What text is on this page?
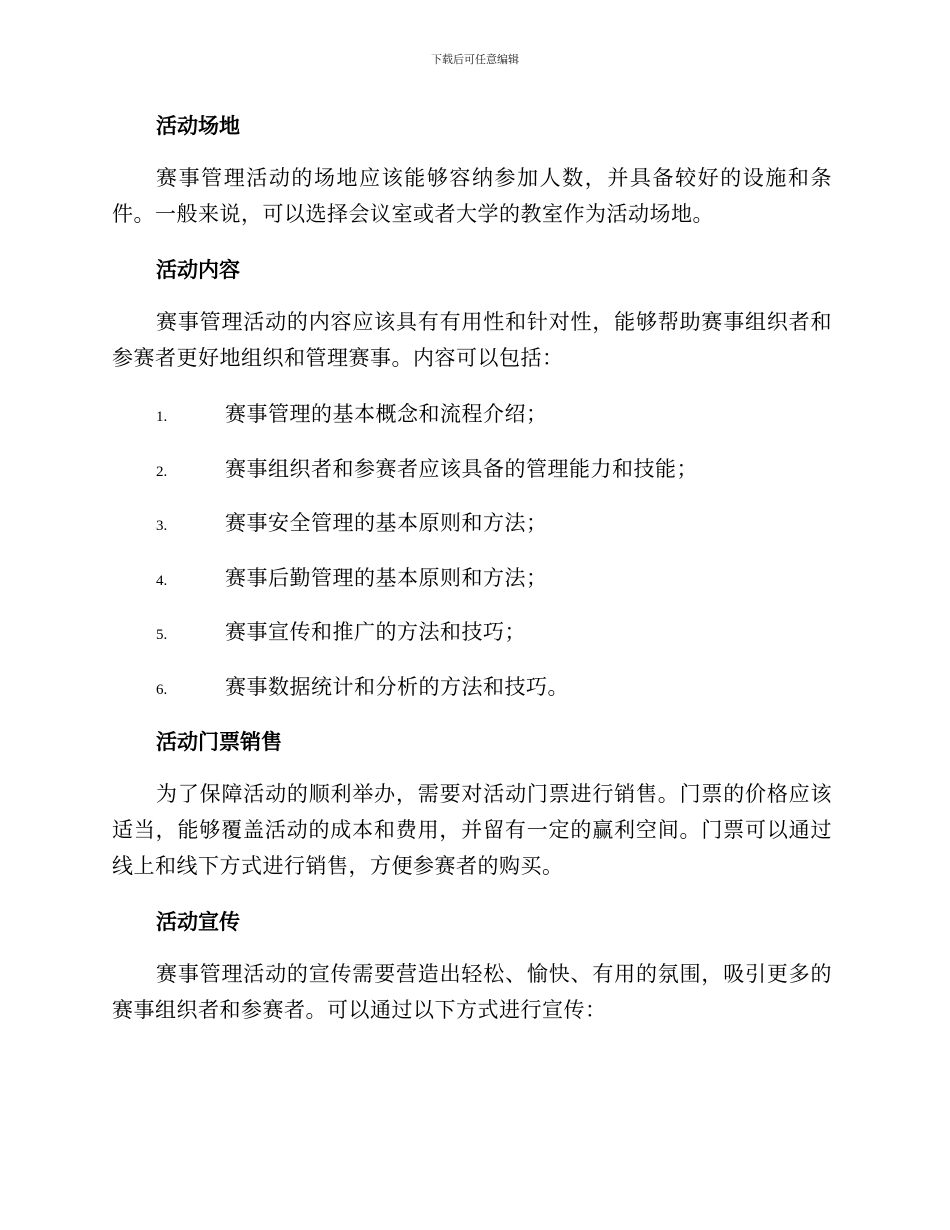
下载后可任意编辑
活动场地

赛事管理活动的场地应该能够容纳参加人数，并具备较好的设施和条件。一般来说，可以选择会议室或者大学的教室作为活动场地。

活动内容

赛事管理活动的内容应该具有有用性和针对性，能够帮助赛事组织者和参赛者更好地组织和管理赛事。内容可以包括：

1.	赛事管理的基本概念和流程介绍；
2.	赛事组织者和参赛者应该具备的管理能力和技能；
3.	赛事安全管理的基本原则和方法；
4.	赛事后勤管理的基本原则和方法；
5.	赛事宣传和推广的方法和技巧；
6.	赛事数据统计和分析的方法和技巧。
活动门票销售

为了保障活动的顺利举办，需要对活动门票进行销售。门票的价格应该适当，能够覆盖活动的成本和费用，并留有一定的赢利空间。门票可以通过线上和线下方式进行销售，方便参赛者的购买。

活动宣传

赛事管理活动的宣传需要营造出轻松、愉快、有用的氛围，吸引更多的赛事组织者和参赛者。可以通过以下方式进行宣传：
